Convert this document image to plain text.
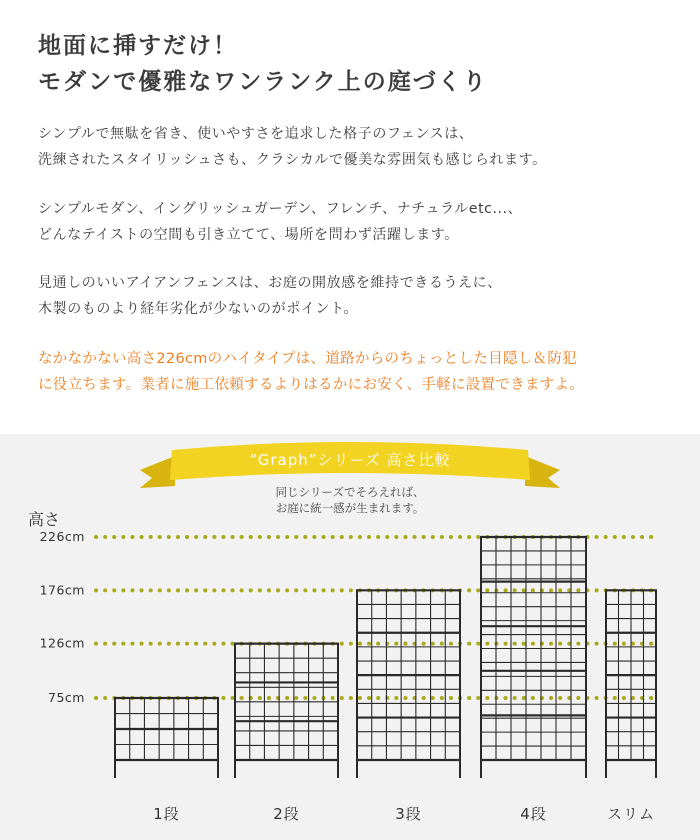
地面に挿すだけ！
モダンで優雅なワンランク上の庭づくり
シンプルで無駄を省き、使いやすさを追求した格子のフェンスは、
洗練されたスタイリッシュさも、クラシカルで優美な雰囲気も感じられます。
シンプルモダン、イングリッシュガーデン、フレンチ、ナチュラルetc...、
どんなテイストの空間も引き立てて、場所を問わず活躍します。
見通しのいいアイアンフェンスは、お庭の開放感を維持できるうえに、
木製のものより経年劣化が少ないのがポイント。
なかなかない高さ226cmのハイタイプは、道路からのちょっとした目隠し＆防犯
に役立ちます。業者に施工依頼するよりはるかにお安く、手軽に設置できますよ。
“Graph”シリーズ 高さ比較
同じシリーズでそろえれば、
お庭に統一感が生まれます。
高さ
226cm
176cm
126cm
75cm
1段	2段	3段	4段	スリム
